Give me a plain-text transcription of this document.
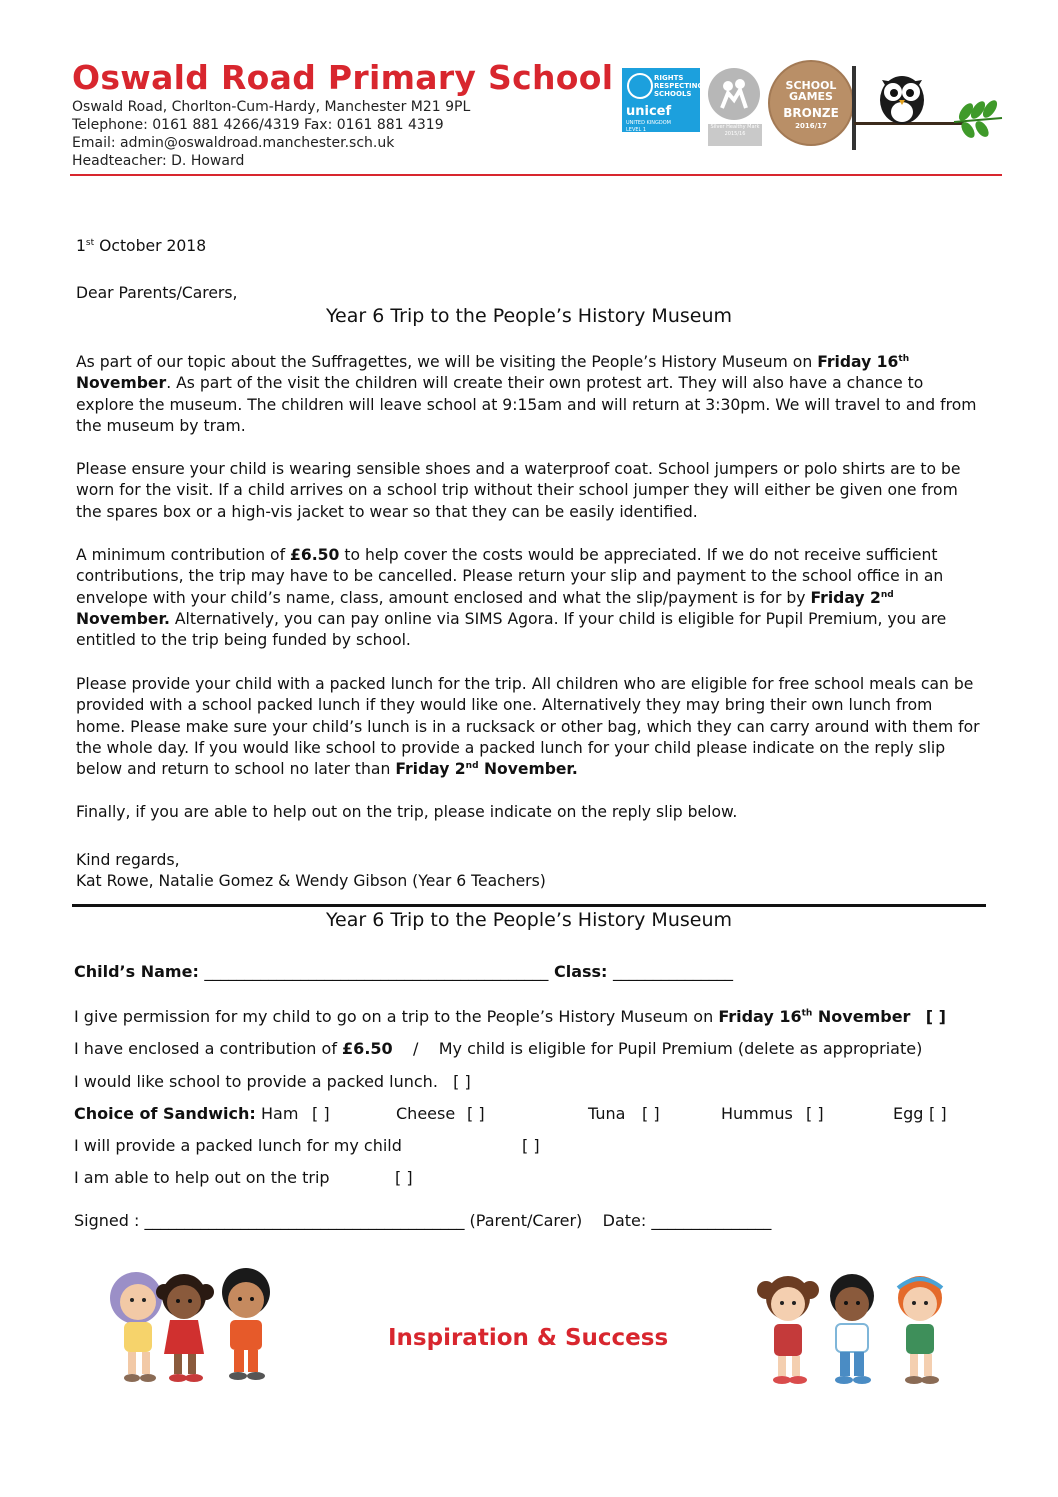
Oswald Road Primary School
Oswald Road, Chorlton-Cum-Hardy, Manchester M21 9PL
Telephone: 0161 881 4266/4319 Fax: 0161 881 4319
Email: admin@oswaldroad.manchester.sch.uk
Headteacher: D. Howard
RIGHTS RESPECTING SCHOOLS
unicef
UNITED KINGDOM
LEVEL 1	Silver Healthy Mark 2015/16
SCHOOL GAMES
BRONZE
2016/17
1st October 2018
Dear Parents/Carers,
Year 6 Trip to the People’s History Museum
As part of our topic about the Suffragettes, we will be visiting the People’s History Museum on Friday 16th November. As part of the visit the children will create their own protest art. They will also have a chance to explore the museum. The children will leave school at 9:15am and will return at 3:30pm. We will travel to and from the museum by tram.
Please ensure your child is wearing sensible shoes and a waterproof coat. School jumpers or polo shirts are to be worn for the visit. If a child arrives on a school trip without their school jumper they will either be given one from the spares box or a high-vis jacket to wear so that they can be easily identified.
A minimum contribution of £6.50 to help cover the costs would be appreciated. If we do not receive sufficient contributions, the trip may have to be cancelled. Please return your slip and payment to the school office in an envelope with your child’s name, class, amount enclosed and what the slip/payment is for by Friday 2nd November. Alternatively, you can pay online via SIMS Agora. If your child is eligible for Pupil Premium, you are entitled to the trip being funded by school.
Please provide your child with a packed lunch for the trip. All children who are eligible for free school meals can be provided with a school packed lunch if they would like one. Alternatively they may bring their own lunch from home. Please make sure your child’s lunch is in a rucksack or other bag, which they can carry around with them for the whole day. If you would like school to provide a packed lunch for your child please indicate on the reply slip below and return to school no later than Friday 2nd November.
Finally, if you are able to help out on the trip, please indicate on the reply slip below.
Kind regards,
Kat Rowe, Natalie Gomez & Wendy Gibson (Year 6 Teachers)
Year 6 Trip to the People’s History Museum
Child’s Name: ___________________________________________ Class: _______________
I give permission for my child to go on a trip to the People’s History Museum on Friday 16th November [ ]
I have enclosed a contribution of £6.50 / My child is eligible for Pupil Premium (delete as appropriate)
I would like school to provide a packed lunch. [ ]
Choice of Sandwich: Ham [ ]	Cheese [ ]	Tuna [ ]	Hummus [ ]	Egg [ ]
I will provide a packed lunch for my child	[ ]
I am able to help out on the trip	[ ]
Signed : ________________________________________ (Parent/Carer) Date: _______________
Inspiration & Success
